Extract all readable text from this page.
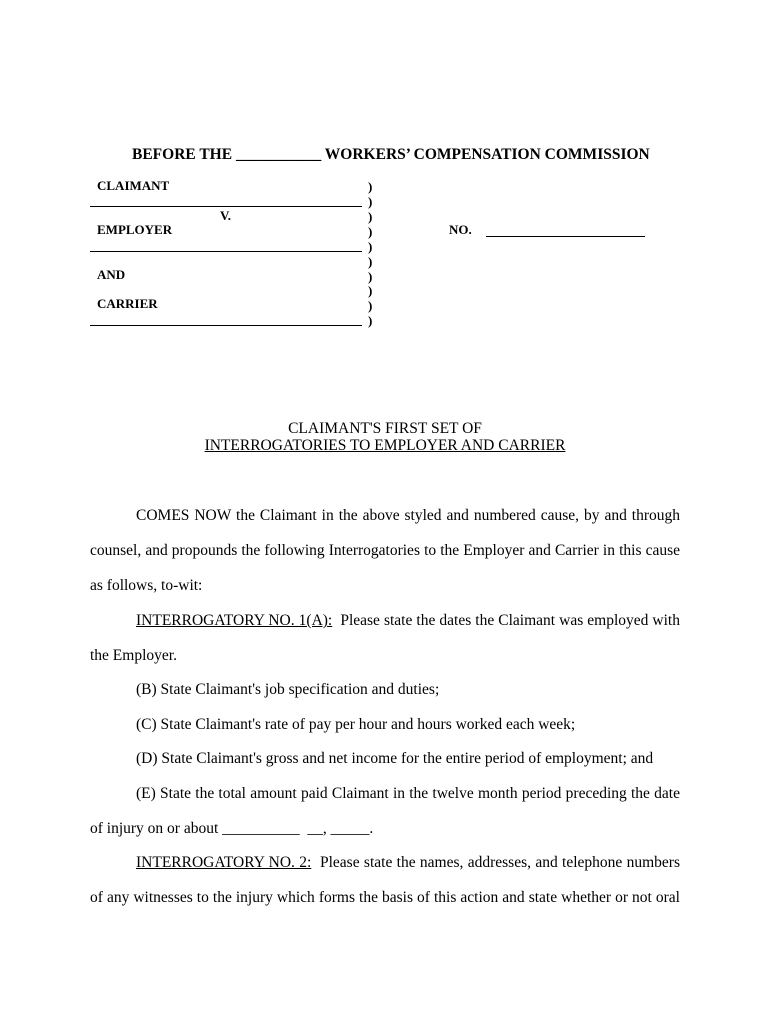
BEFORE THE ___________ WORKERS’ COMPENSATION COMMISSION
CLAIMANT
V.
EMPLOYER
AND
CARRIER
)
)
)
)
)
)
)
)
)
)
NO.
CLAIMANT'S FIRST SET OF
INTERROGATORIES TO EMPLOYER AND CARRIER
COMES NOW the Claimant in the above styled and numbered cause, by and through
counsel, and propounds the following Interrogatories to the Employer and Carrier in this cause
as follows, to-wit:
INTERROGATORY NO. 1(A): Please state the dates the Claimant was employed with
the Employer.
(B) State Claimant's job specification and duties;
(C) State Claimant's rate of pay per hour and hours worked each week;
(D) State Claimant's gross and net income for the entire period of employment; and
(E) State the total amount paid Claimant in the twelve month period preceding the date
of injury on or about __________  __, _____.
INTERROGATORY NO. 2: Please state the names, addresses, and telephone numbers
of any witnesses to the injury which forms the basis of this action and state whether or not oral
